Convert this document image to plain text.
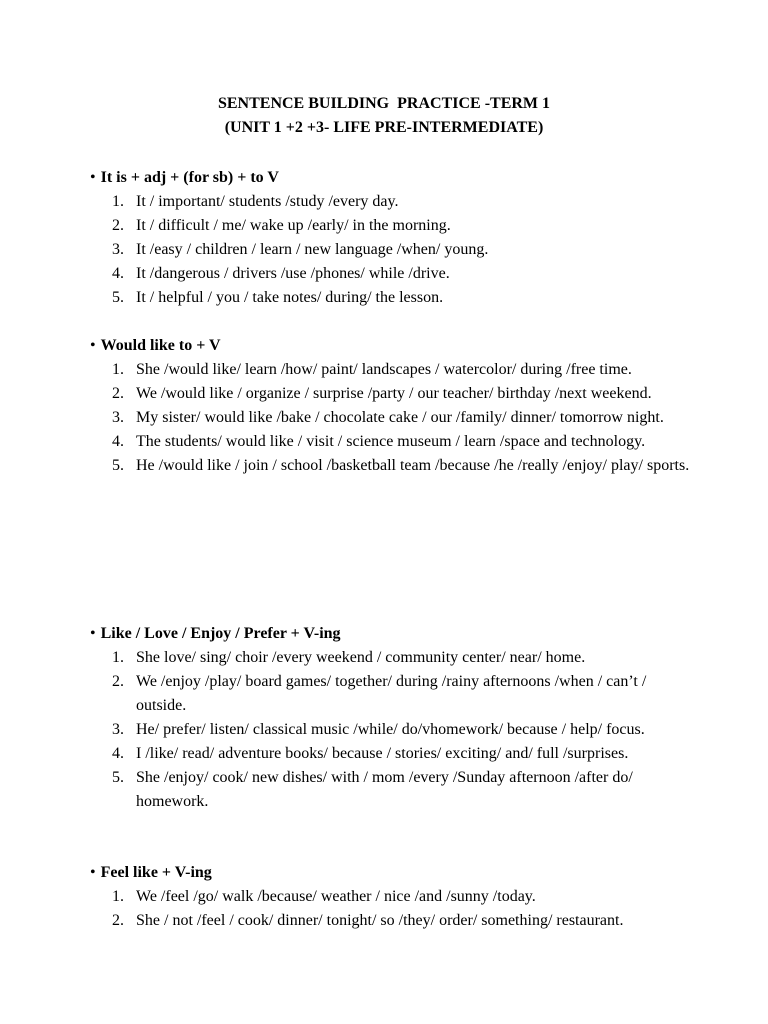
SENTENCE BUILDING  PRACTICE -TERM 1
(UNIT 1 +2 +3- LIFE PRE-INTERMEDIATE)

• It is + adj + (for sb) + to V

1. It / important/ students /study /every day.
2. It / difficult / me/ wake up /early/ in the morning.
3. It /easy / children / learn / new language /when/ young.
4. It /dangerous / drivers /use /phones/ while /drive.
5. It / helpful / you / take notes/ during/ the lesson.

• Would like to + V

1. She /would like/ learn /how/ paint/ landscapes / watercolor/ during /free time.
2. We /would like / organize / surprise /party / our teacher/ birthday /next weekend.
3. My sister/ would like /bake / chocolate cake / our /family/ dinner/ tomorrow night.
4. The students/ would like / visit / science museum / learn /space and technology.
5. He /would like / join / school /basketball team /because /he /really /enjoy/ play/ sports.

• Like / Love / Enjoy / Prefer + V-ing

1. She love/ sing/ choir /every weekend / community center/ near/ home.
2. We /enjoy /play/ board games/ together/ during /rainy afternoons /when / can’t / outside.
3. He/ prefer/ listen/ classical music /while/ do/vhomework/ because / help/ focus.
4. I /like/ read/ adventure books/ because / stories/ exciting/ and/ full /surprises.
5. She /enjoy/ cook/ new dishes/ with / mom /every /Sunday afternoon /after do/ homework.

• Feel like + V-ing

1. We /feel /go/ walk /because/ weather / nice /and /sunny /today.
2. She / not /feel / cook/ dinner/ tonight/ so /they/ order/ something/ restaurant.
